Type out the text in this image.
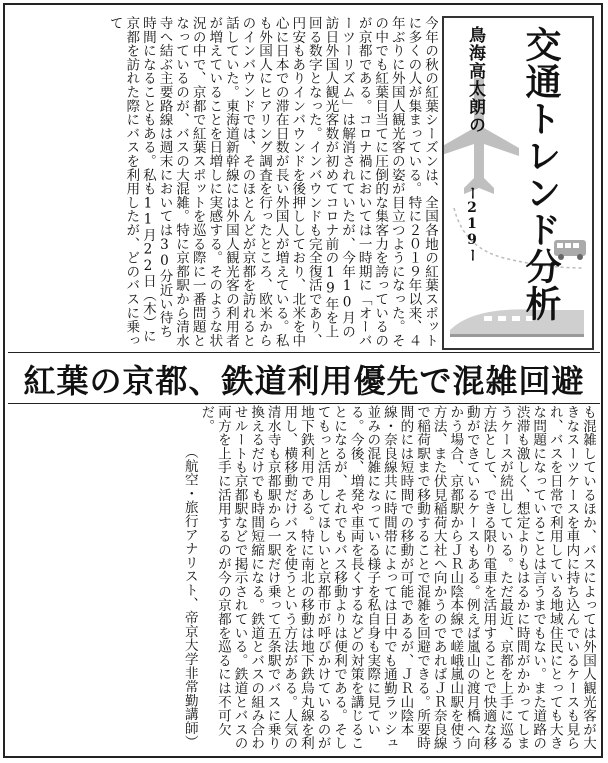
今年の秋の紅葉シーズンは、全国各地の紅葉スポットに多くの人が集まっている。特に２０１９年以来、４年ぶりに外国人観光客の姿が目立つようになった。その中でも紅葉目当てに圧倒的な集客力を誇っているのが京都である。コロナ禍においては一時期に「オーバーツーリズム」は解消されていたが、今年10月の訪日外国人観光客数が初めてコロナ前の19年を上回る数字となった。インバウンドも完全復活であり、円安もありインバウンドを後押ししており、北米を中心に日本での滞在日数が長い外国人が増えている。私も外国人にヒアリング調査を行ったところ、欧米からのインバウンドでは、そのほとんどが京都を訪れると話していた。東海道新幹線には外国人観光客の利用者が増えていることを日増しに実感する。そのような状況の中で、京都で紅葉スポットを巡る際に一番問題となっているのが、バスの大混雑。特に京都駅から清水寺へ結ぶ主要路線は週末においては30分近い待ち時間になることもある。私も11月22日（木）に京都を訪れた際にバスを利用したが、どのバスに乗って
鳥海高太朗の 交通トレンド分析
ー219ー
紅葉の京都、鉄道利用優先で混雑回避
も混雑しているほか、バスによっては外国人観光客が大きなスーツケースを車内に持ち込んでいるケースも見られ、バスを日常で利用している地域住民にとっても大きな問題になっていることは言うまでもない。また道路の渋滞も激しく、想定よりもはるかに時間がかかってしまうケースが続出している。ただ最近、京都を上手に巡る方法として、できる限り電車を活用することで快適な移動ができているケースもある。例えば嵐山の渡月橋へ向かう場合、京都駅からＪＲ山陰本線で嵯峨嵐山駅を使う方法、また伏見稲荷大社へ向かうのであればＪＲ奈良線で稲荷駅まで移動することで混雑を回避できる。所要時間的には短時間での移動が可能であるが、ＪＲ山陰本線・奈良線共に時間帯によっては日中でも通勤ラッシュ並みの混雑になっている様子を私自身も実際に見ている。今後、増発や車両を長くするなどの対策を講じることになるが、それでもバス移動よりは便利である。そしてもっと活用してほしいと京都市が呼びかけているのが地下鉄利用である。特に南北の移動は地下鉄烏丸線を利用し、横移動だけバスを使うという方法がある。人気の清水寺も京都駅から一駅だけ乗って五条駅でバスに乗り換えるだけでも時間短縮になる。鉄道とバスの組み合わせルートも京都駅などで掲示されている。鉄道とバスの両方を上手に活用するのが今の京都を巡るには不可欠だ。
（航空・旅行アナリスト、帝京大学非常勤講師）
